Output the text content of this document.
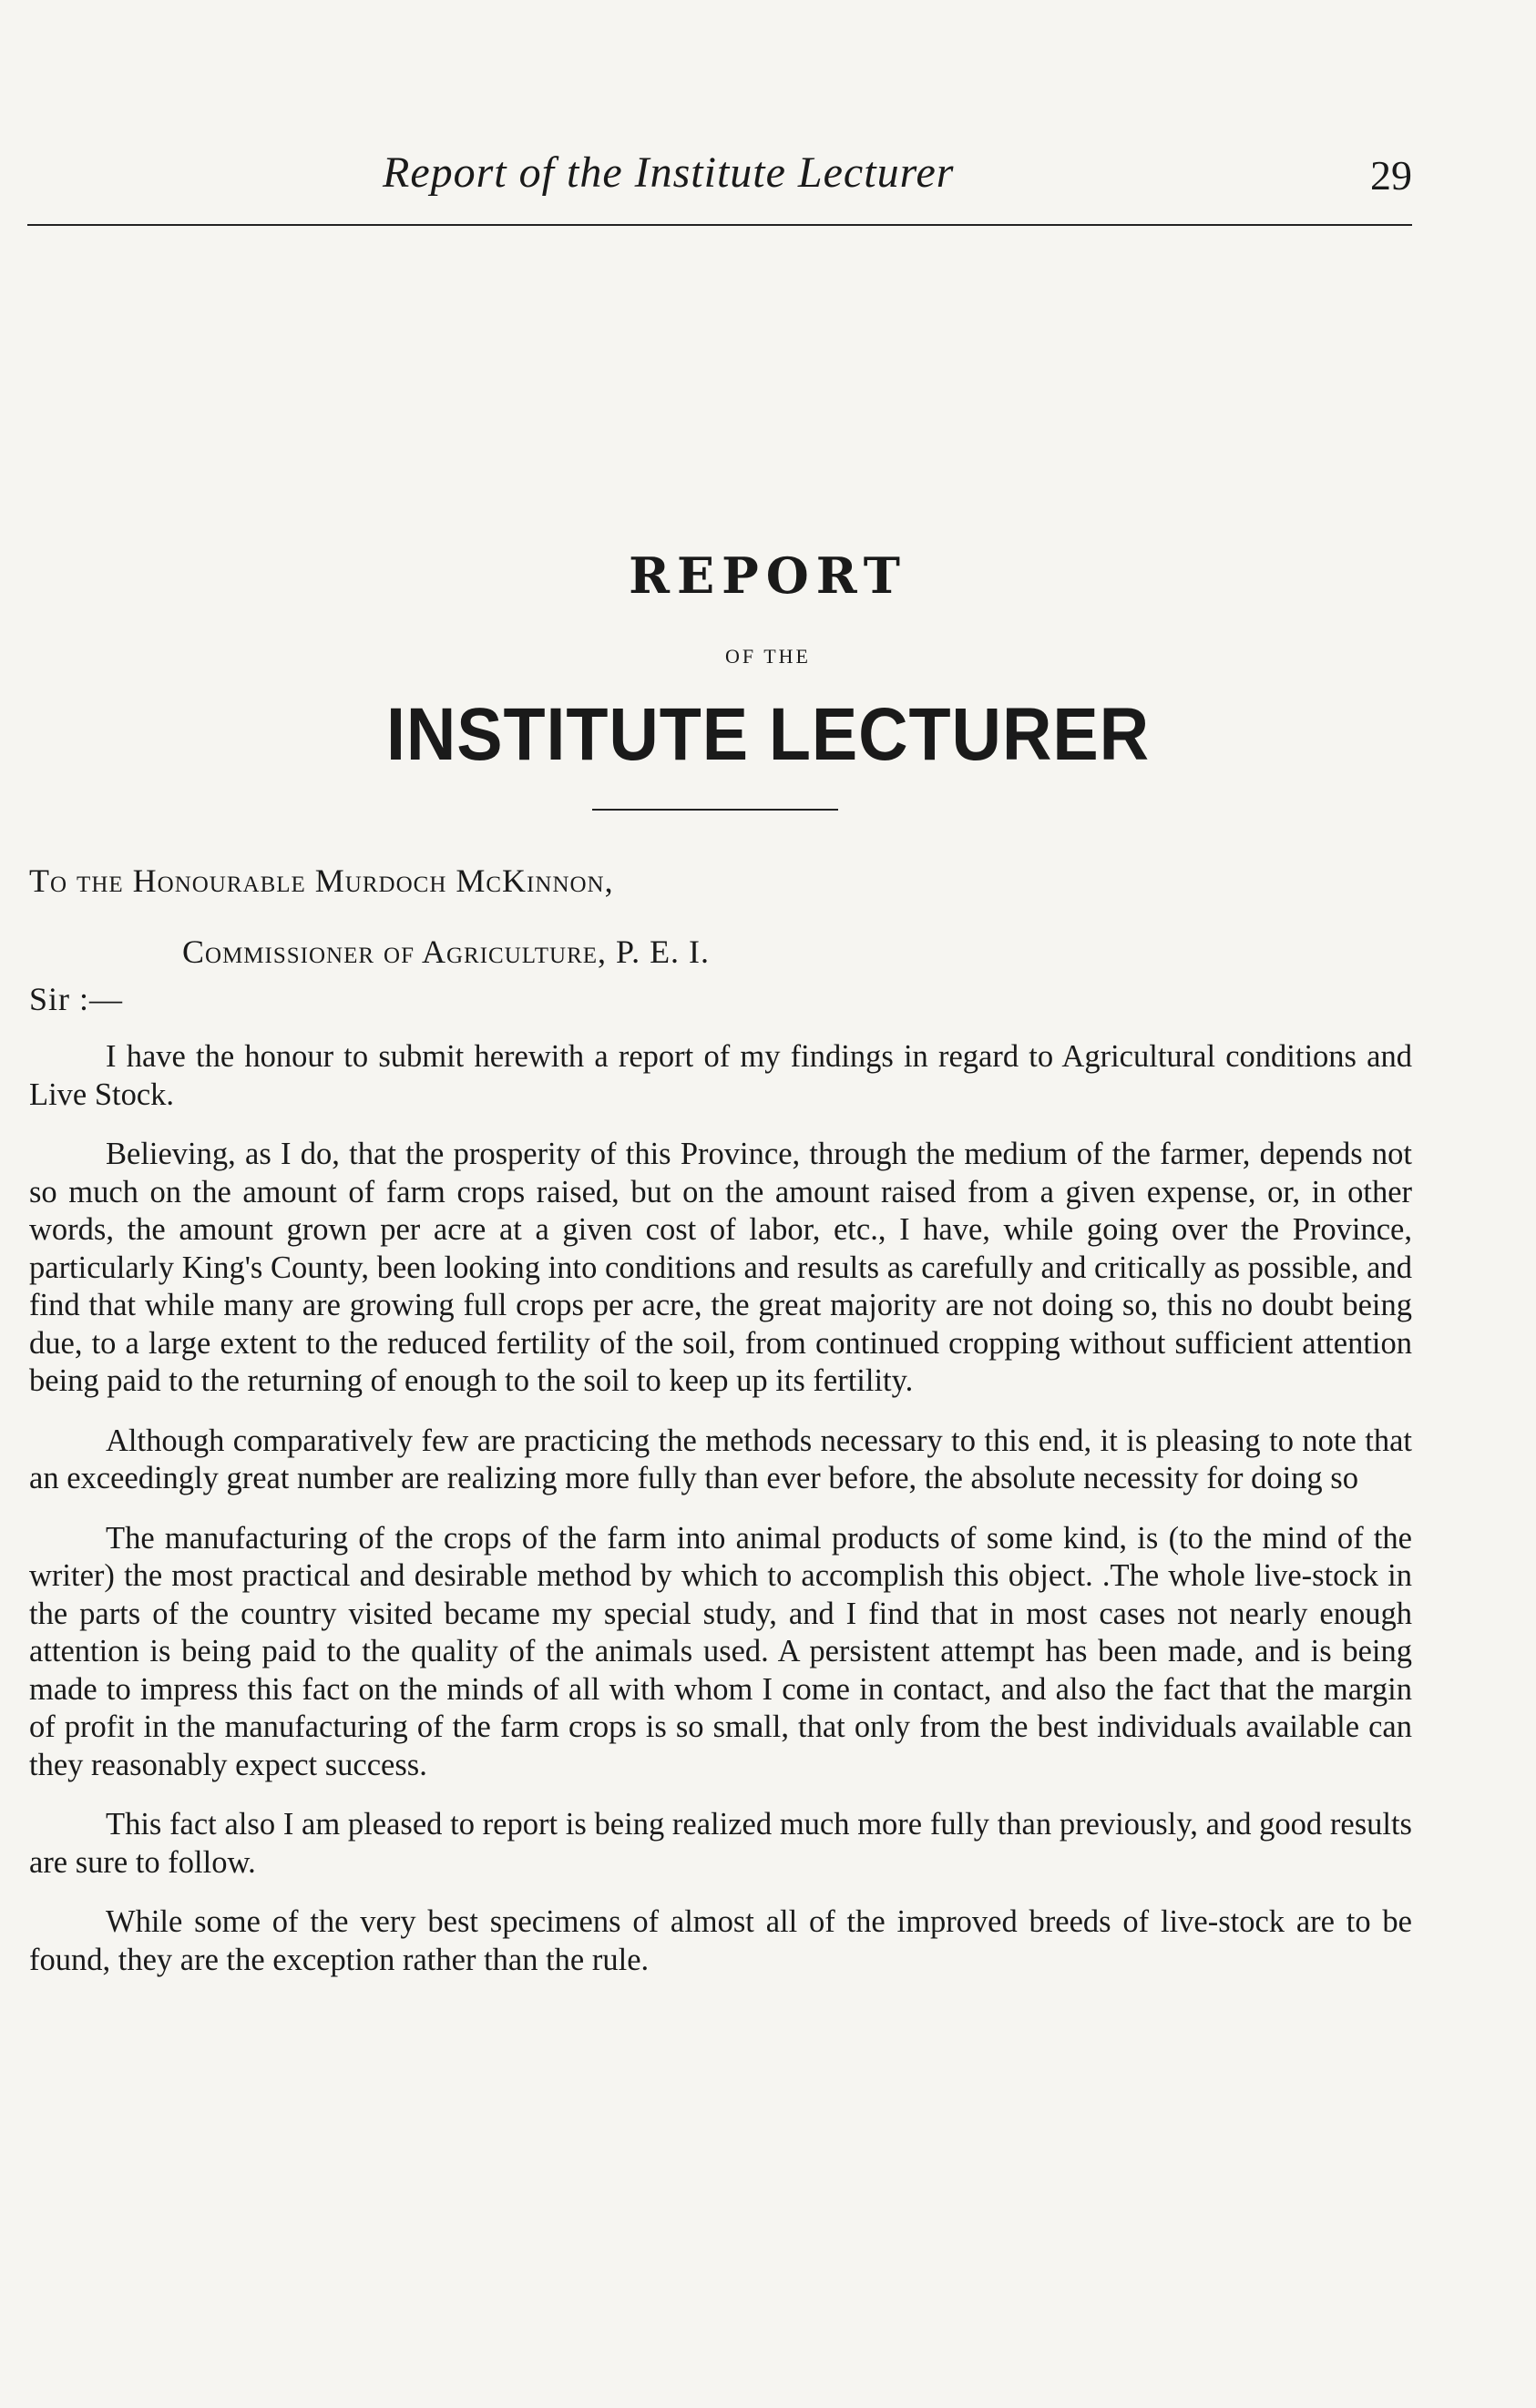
Report of the Institute Lecturer	29
REPORT
OF THE
INSTITUTE LECTURER
To the Honourable Murdoch McKinnon,
Commissioner of Agriculture, P. E. I.
Sir :—

I have the honour to submit herewith a report of my findings in regard to Agricultural conditions and Live Stock.

Believing, as I do, that the prosperity of this Province, through the medium of the farmer, depends not so much on the amount of farm crops raised, but on the amount raised from a given expense, or, in other words, the amount grown per acre at a given cost of labor, etc., I have, while going over the Province, particularly King's County, been looking into conditions and results as carefully and critically as possible, and find that while many are growing full crops per acre, the great majority are not doing so, this no doubt being due, to a large extent to the reduced fertility of the soil, from continued cropping without sufficient attention being paid to the returning of enough to the soil to keep up its fertility.

Although comparatively few are practicing the methods necessary to this end, it is pleasing to note that an exceedingly great number are realizing more fully than ever before, the absolute necessity for doing so

The manufacturing of the crops of the farm into animal products of some kind, is (to the mind of the writer) the most practical and desirable method by which to accomplish this object. .The whole live-stock in the parts of the country visited became my special study, and I find that in most cases not nearly enough attention is being paid to the quality of the animals used. A persistent attempt has been made, and is being made to impress this fact on the minds of all with whom I come in contact, and also the fact that the margin of profit in the manufacturing of the farm crops is so small, that only from the best individuals available can they reasonably expect success.

This fact also I am pleased to report is being realized much more fully than previously, and good results are sure to follow.

While some of the very best specimens of almost all of the improved breeds of live-stock are to be found, they are the exception rather than the rule.
